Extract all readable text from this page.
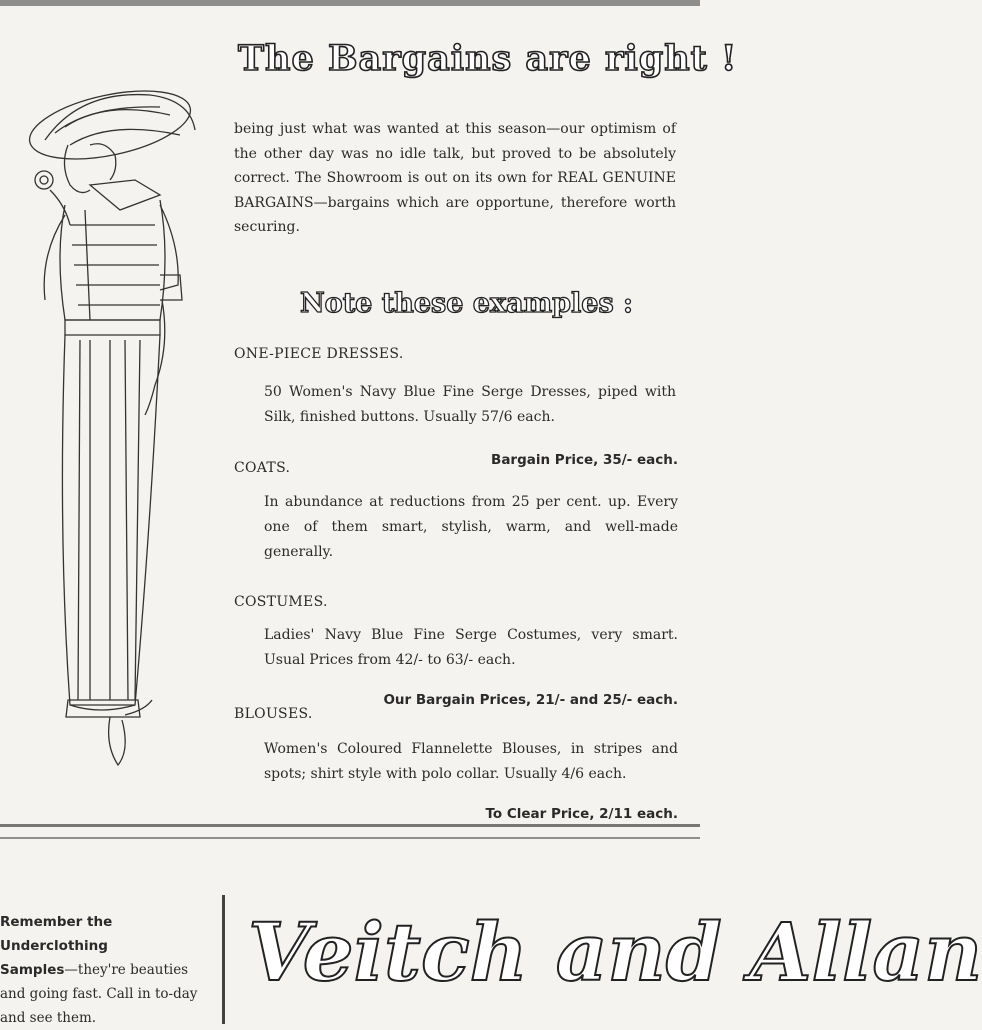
The Bargains are right !
being just what was wanted at this season—our optimism of the other day was no idle talk, but proved to be absolutely correct. The Showroom is out on its own for REAL GENUINE BARGAINS—bargains which are opportune, therefore worth securing.
Note these examples :
ONE-PIECE DRESSES.
50 Women's Navy Blue Fine Serge Dresses, piped with Silk, finished buttons. Usually 57/6 each.
Bargain Price, 35/- each.
COATS.
In abundance at reductions from 25 per cent. up. Every one of them smart, stylish, warm, and well-made generally.
COSTUMES.
Ladies' Navy Blue Fine Serge Costumes, very smart. Usual Prices from 42/- to 63/- each.
Our Bargain Prices, 21/- and 25/- each.
BLOUSES.
Women's Coloured Flannelette Blouses, in stripes and spots; shirt style with polo collar. Usually 4/6 each.
To Clear Price, 2/11 each.
Remember the Underclothing
Samples—they're beauties and going fast. Call in to-day and see them.
Veitch and Allan
